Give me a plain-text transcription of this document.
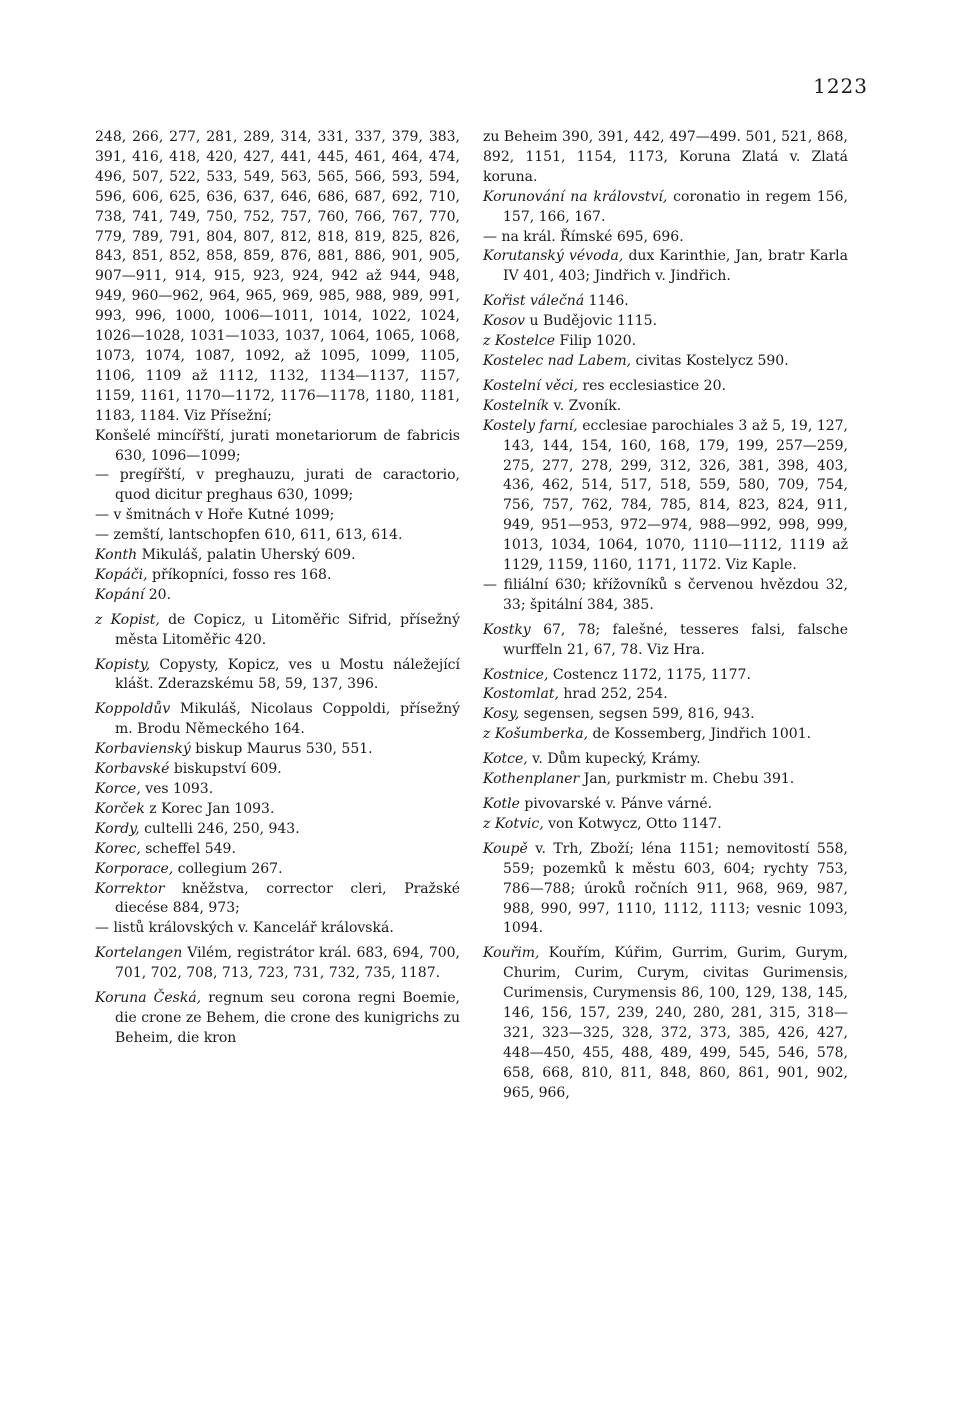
1223

248, 266, 277, 281, 289, 314, 331, 337, 379, 383, 391, 416, 418, 420, 427, 441, 445, 461, 464, 474, 496, 507, 522, 533, 549, 563, 565, 566, 593, 594, 596, 606, 625, 636, 637, 646, 686, 687, 692, 710, 738, 741, 749, 750, 752, 757, 760, 766, 767, 770, 779, 789, 791, 804, 807, 812, 818, 819, 825, 826, 843, 851, 852, 858, 859, 876, 881, 886, 901, 905, 907—911, 914, 915, 923, 924, 942 až 944, 948, 949, 960—962, 964, 965, 969, 985, 988, 989, 991, 993, 996, 1000, 1006—1011, 1014, 1022, 1024, 1026—1028, 1031—1033, 1037, 1064, 1065, 1068, 1073, 1074, 1087, 1092, až 1095, 1099, 1105, 1106, 1109 až 1112, 1132, 1134—1137, 1157, 1159, 1161, 1170—1172, 1176—1178, 1180, 1181, 1183, 1184. Viz Přísežní;

Konšelé mincířští, jurati monetariorum de fabricis 630, 1096—1099;

— pregířští, v preghauzu, jurati de caractorio, quod dicitur preghaus 630, 1099;

— v šmitnách v Hoře Kutné 1099;

— zemští, lantschopfen 610, 611, 613, 614.

Konth Mikuláš, palatin Uherský 609.

Kopáči, příkopníci, fosso res 168.

Kopání 20.

z Kopist, de Copicz, u Litoměřic Sifrid, přísežný města Litoměřic 420.

Kopisty, Copysty, Kopicz, ves u Mostu náležející klášt. Zderazskému 58, 59, 137, 396.

Koppoldův Mikuláš, Nicolaus Coppoldi, přísežný m. Brodu Německého 164.

Korbavienský biskup Maurus 530, 551.

Korbavské biskupství 609.

Korce, ves 1093.

Korček z Korec Jan 1093.

Kordy, cultelli 246, 250, 943.

Korec, scheffel 549.

Korporace, collegium 267.

Korrektor kněžstva, corrector cleri, Pražské diecése 884, 973;

— listů královských v. Kancelář královská.

Kortelangen Vilém, registrátor král. 683, 694, 700, 701, 702, 708, 713, 723, 731, 732, 735, 1187.

Koruna Česká, regnum seu corona regni Boemie, die crone ze Behem, die crone des kunigrichs zu Beheim, die kron

zu Beheim 390, 391, 442, 497—499. 501, 521, 868, 892, 1151, 1154, 1173, Koruna Zlatá v. Zlatá koruna.

Korunování na království, coronatio in regem 156, 157, 166, 167.

— na král. Římské 695, 696.

Korutanský vévoda, dux Karinthie, Jan, bratr Karla IV 401, 403; Jindřich v. Jindřich.

Kořist válečná 1146.

Kosov u Budějovic 1115.

z Kostelce Filip 1020.

Kostelec nad Labem, civitas Kostelycz 590.

Kostelní věci, res ecclesiastice 20.

Kostelník v. Zvoník.

Kostely farní, ecclesiae parochiales 3 až 5, 19, 127, 143, 144, 154, 160, 168, 179, 199, 257—259, 275, 277, 278, 299, 312, 326, 381, 398, 403, 436, 462, 514, 517, 518, 559, 580, 709, 754, 756, 757, 762, 784, 785, 814, 823, 824, 911, 949, 951—953, 972—974, 988—992, 998, 999, 1013, 1034, 1064, 1070, 1110—1112, 1119 až 1129, 1159, 1160, 1171, 1172. Viz Kaple.

— filiální 630; křížovníků s červenou hvězdou 32, 33; špitální 384, 385.

Kostky 67, 78; falešné, tesseres falsi, falsche wurffeln 21, 67, 78. Viz Hra.

Kostnice, Costencz 1172, 1175, 1177.

Kostomlat, hrad 252, 254.

Kosy, segensen, segsen 599, 816, 943.

z Košumberka, de Kossemberg, Jindřich 1001.

Kotce, v. Dům kupecký, Krámy.

Kothenplaner Jan, purkmistr m. Chebu 391.

Kotle pivovarské v. Pánve várné.

z Kotvic, von Kotwycz, Otto 1147.

Koupě v. Trh, Zboží; léna 1151; nemovitostí 558, 559; pozemků k městu 603, 604; rychty 753, 786—788; úroků ročních 911, 968, 969, 987, 988, 990, 997, 1110, 1112, 1113; vesnic 1093, 1094.

Kouřim, Kouřím, Kúřim, Gurrim, Gurim, Gurym, Churim, Curim, Curym, civitas Gurimensis, Curimensis, Curymensis 86, 100, 129, 138, 145, 146, 156, 157, 239, 240, 280, 281, 315, 318—321, 323—325, 328, 372, 373, 385, 426, 427, 448—450, 455, 488, 489, 499, 545, 546, 578, 658, 668, 810, 811, 848, 860, 861, 901, 902, 965, 966,
